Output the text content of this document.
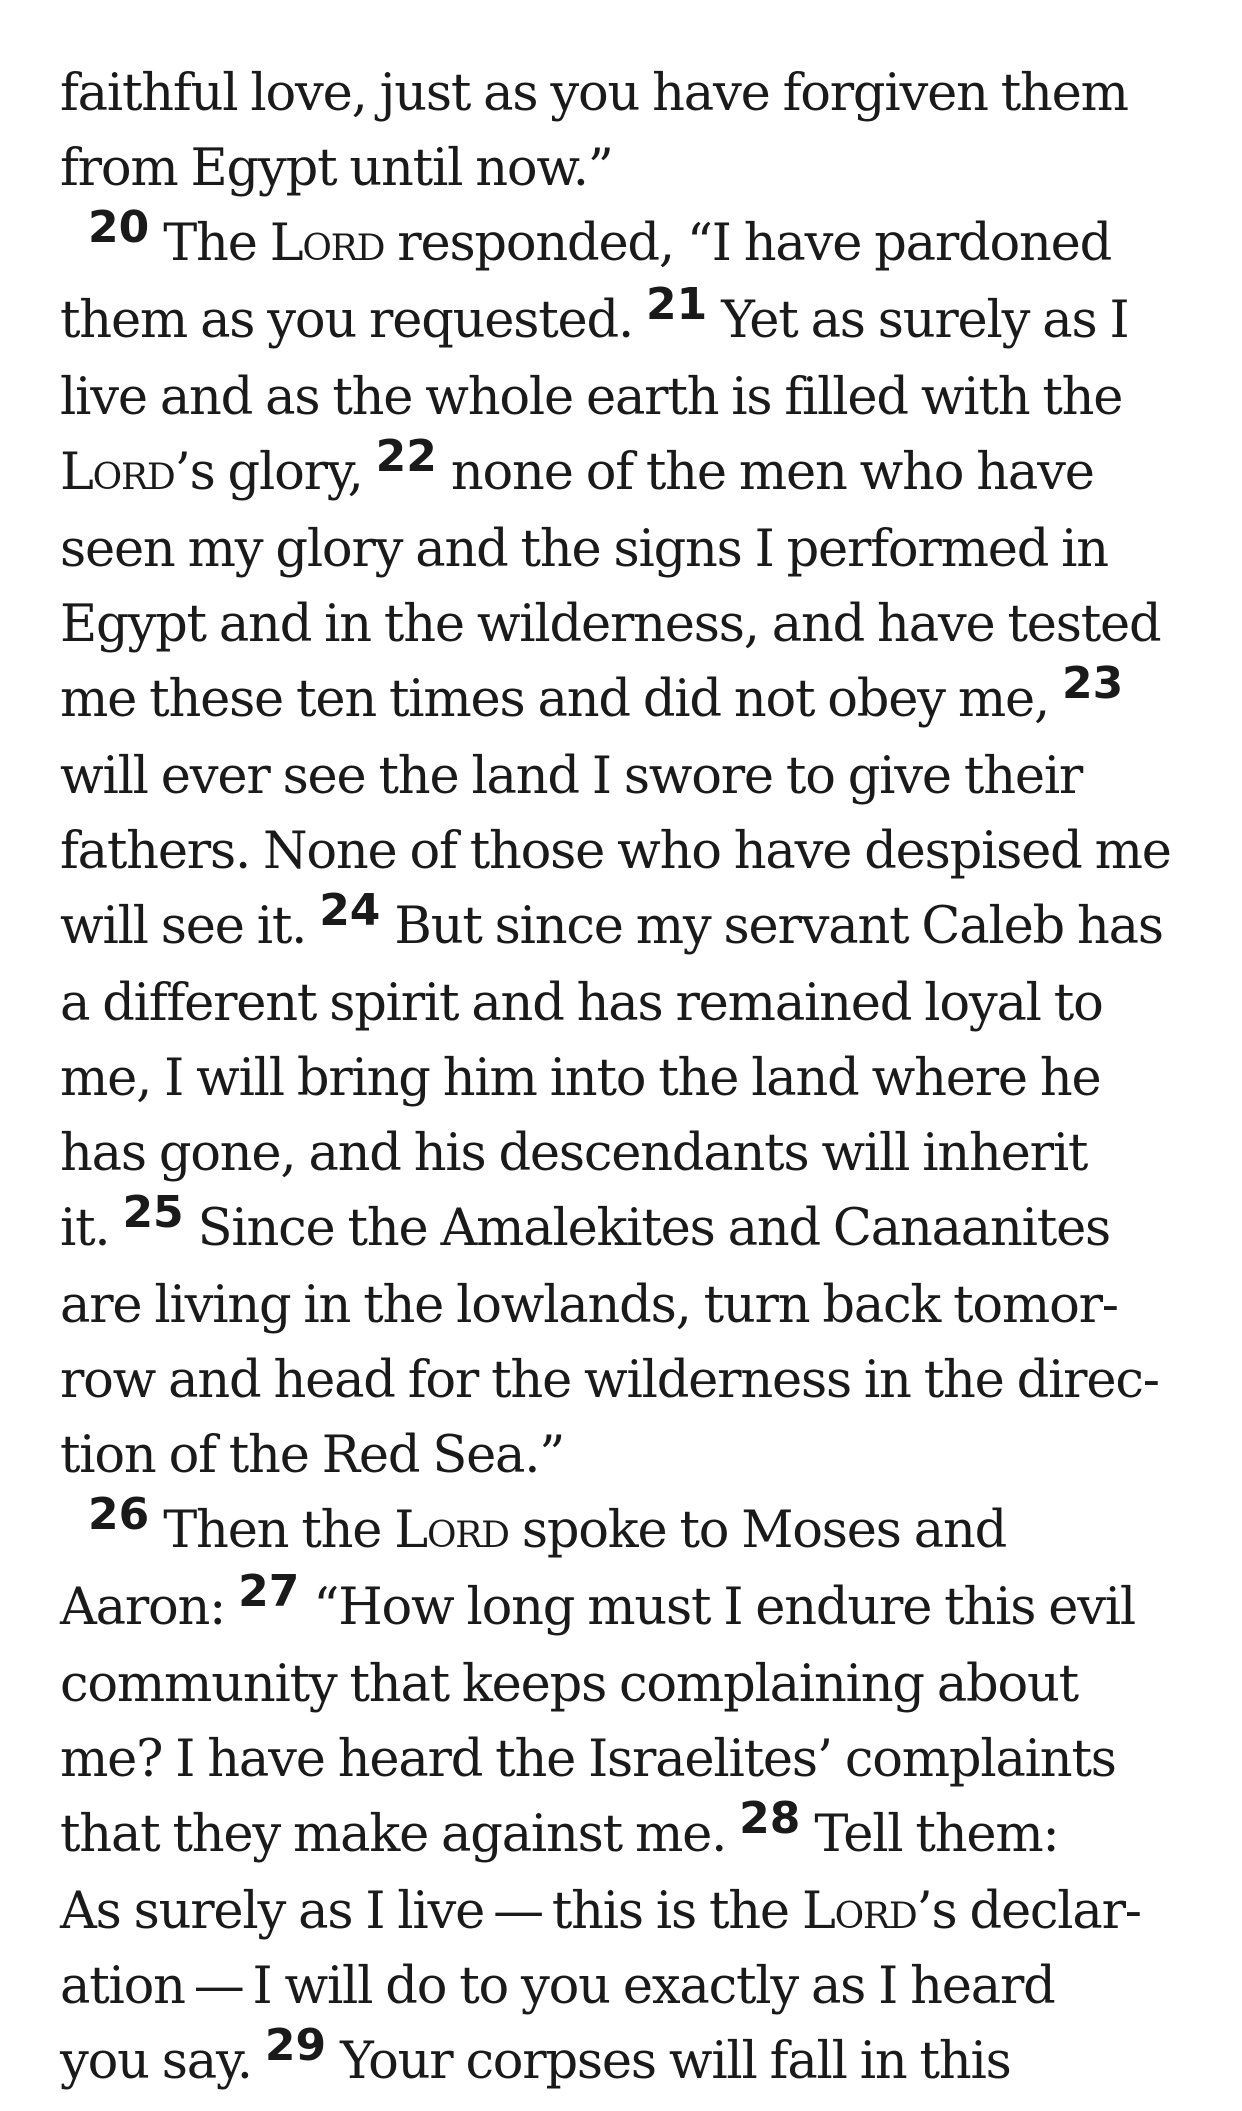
faithful love, just as you have forgiven them
from Egypt until now.”
20 The Lord responded, “I have pardoned
them as you requested. 21 Yet as surely as I
live and as the whole earth is filled with the
Lord’s glory, 22 none of the men who have
seen my glory and the signs I performed in
Egypt and in the wilderness, and have tested
me these ten times and did not obey me, 23
will ever see the land I swore to give their
fathers. None of those who have despised me
will see it. 24 But since my servant Caleb has
a different spirit and has remained loyal to
me, I will bring him into the land where he
has gone, and his descendants will inherit
it. 25 Since the Amalekites and Canaanites
are living in the lowlands, turn back tomor-
row and head for the wilderness in the direc-
tion of the Red Sea.”
26 Then the Lord spoke to Moses and
Aaron: 27 “How long must I endure this evil
community that keeps complaining about
me? I have heard the Israelites’ complaints
that they make against me. 28 Tell them:
As surely as I live — this is the Lord’s declar-
ation — I will do to you exactly as I heard
you say. 29 Your corpses will fall in this
